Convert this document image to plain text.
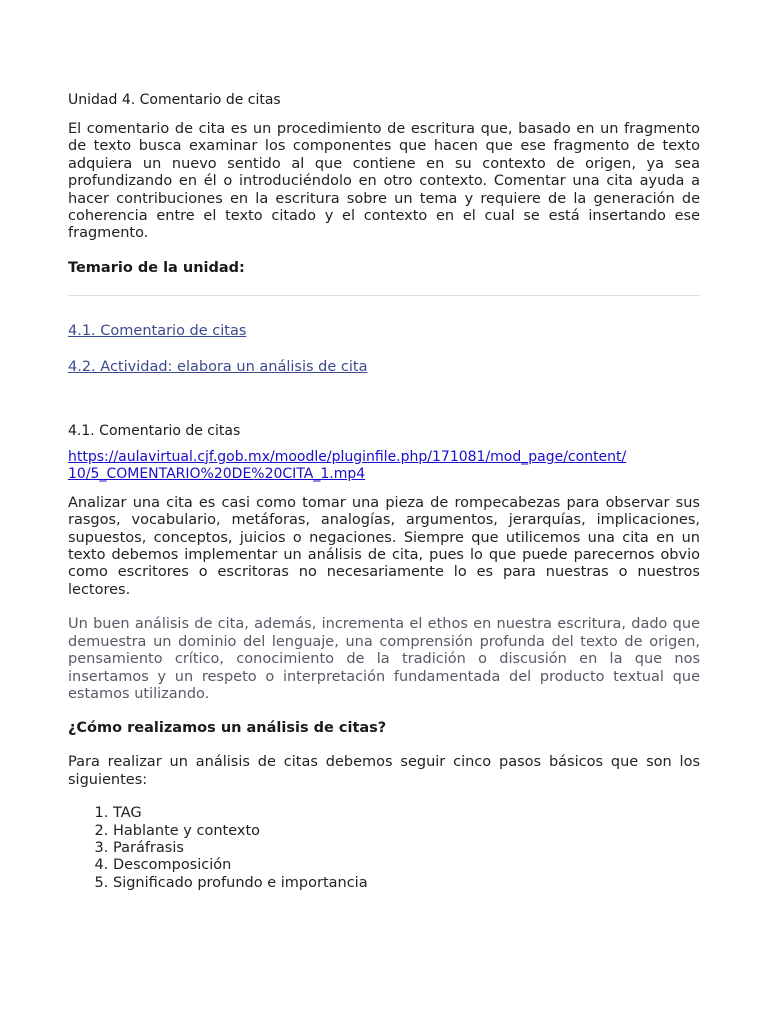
Unidad 4. Comentario de citas

El comentario de cita es un procedimiento de escritura que, basado en un fragmento de texto busca examinar los componentes que hacen que ese fragmento de texto adquiera un nuevo sentido al que contiene en su contexto de origen, ya sea profundizando en él o introduciéndolo en otro contexto. Comentar una cita ayuda a hacer contribuciones en la escritura sobre un tema y requiere de la generación de coherencia entre el texto citado y el contexto en el cual se está insertando ese fragmento.

Temario de la unidad:

4.1. Comentario de citas
4.2. Actividad: elabora un análisis de cita

4.1. Comentario de citas

https://aulavirtual.cjf.gob.mx/moodle/pluginfile.php/171081/mod_page/content/
10/5_COMENTARIO%20DE%20CITA_1.mp4

Analizar una cita es casi como tomar una pieza de rompecabezas para observar sus rasgos, vocabulario, metáforas, analogías, argumentos, jerarquías, implicaciones, supuestos, conceptos, juicios o negaciones. Siempre que utilicemos una cita en un texto debemos implementar un análisis de cita, pues lo que puede parecernos obvio como escritores o escritoras no necesariamente lo es para nuestras o nuestros lectores.

Un buen análisis de cita, además, incrementa el ethos en nuestra escritura, dado que demuestra un dominio del lenguaje, una comprensión profunda del texto de origen, pensamiento crítico, conocimiento de la tradición o discusión en la que nos insertamos y un respeto o interpretación fundamentada del producto textual que estamos utilizando.

¿Cómo realizamos un análisis de citas?

Para realizar un análisis de citas debemos seguir cinco pasos básicos que son los siguientes:

1. TAG
2. Hablante y contexto
3. Paráfrasis
4. Descomposición
5. Significado profundo e importancia
